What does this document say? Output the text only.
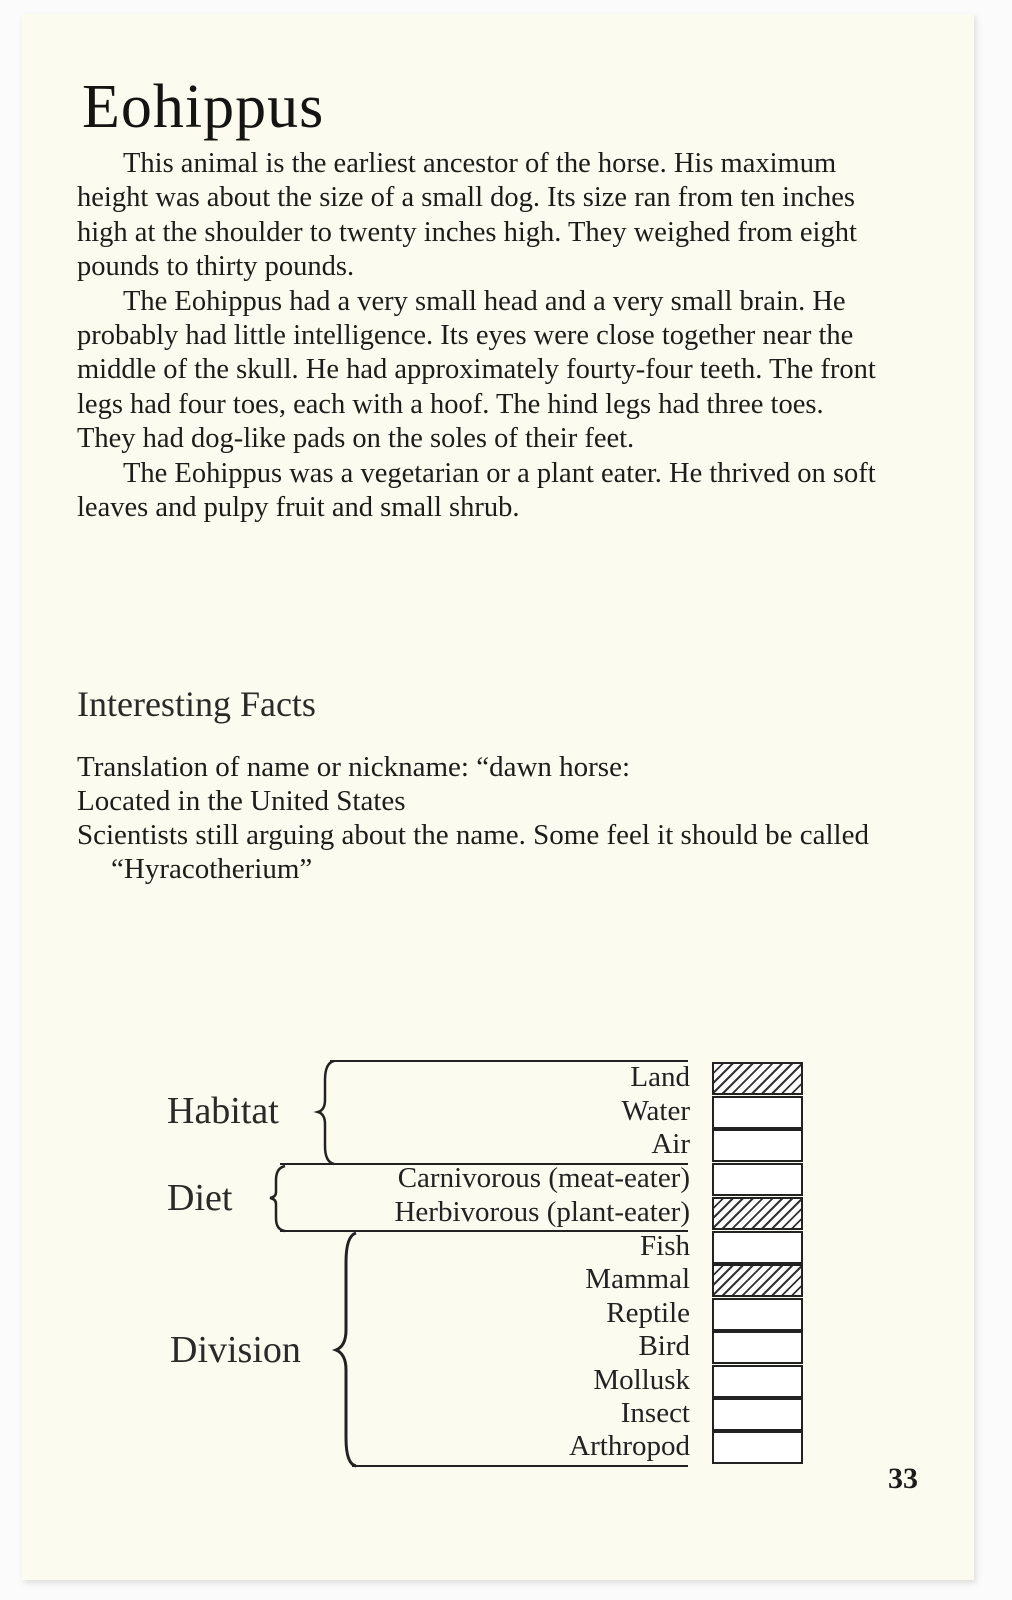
Eohippus

This animal is the earliest ancestor of the horse. His maximum height was about the size of a small dog. Its size ran from ten inches high at the shoulder to twenty inches high. They weighed from eight pounds to thirty pounds.

The Eohippus had a very small head and a very small brain. He probably had little intelligence. Its eyes were close together near the middle of the skull. He had approximately fourty-four teeth. The front legs had four toes, each with a hoof. The hind legs had three toes. They had dog-like pads on the soles of their feet.

The Eohippus was a vegetarian or a plant eater. He thrived on soft leaves and pulpy fruit and small shrub.

Interesting Facts

Translation of name or nickname: “dawn horse:

Located in the United States

Scientists still arguing about the name. Some feel it should be called “Hyracotherium”

Habitat
Diet
Division
Land
Water
Air
Carnivorous (meat-eater)
Herbivorous (plant-eater)
Fish
Mammal
Reptile
Bird
Mollusk
Insect
Arthropod
33
